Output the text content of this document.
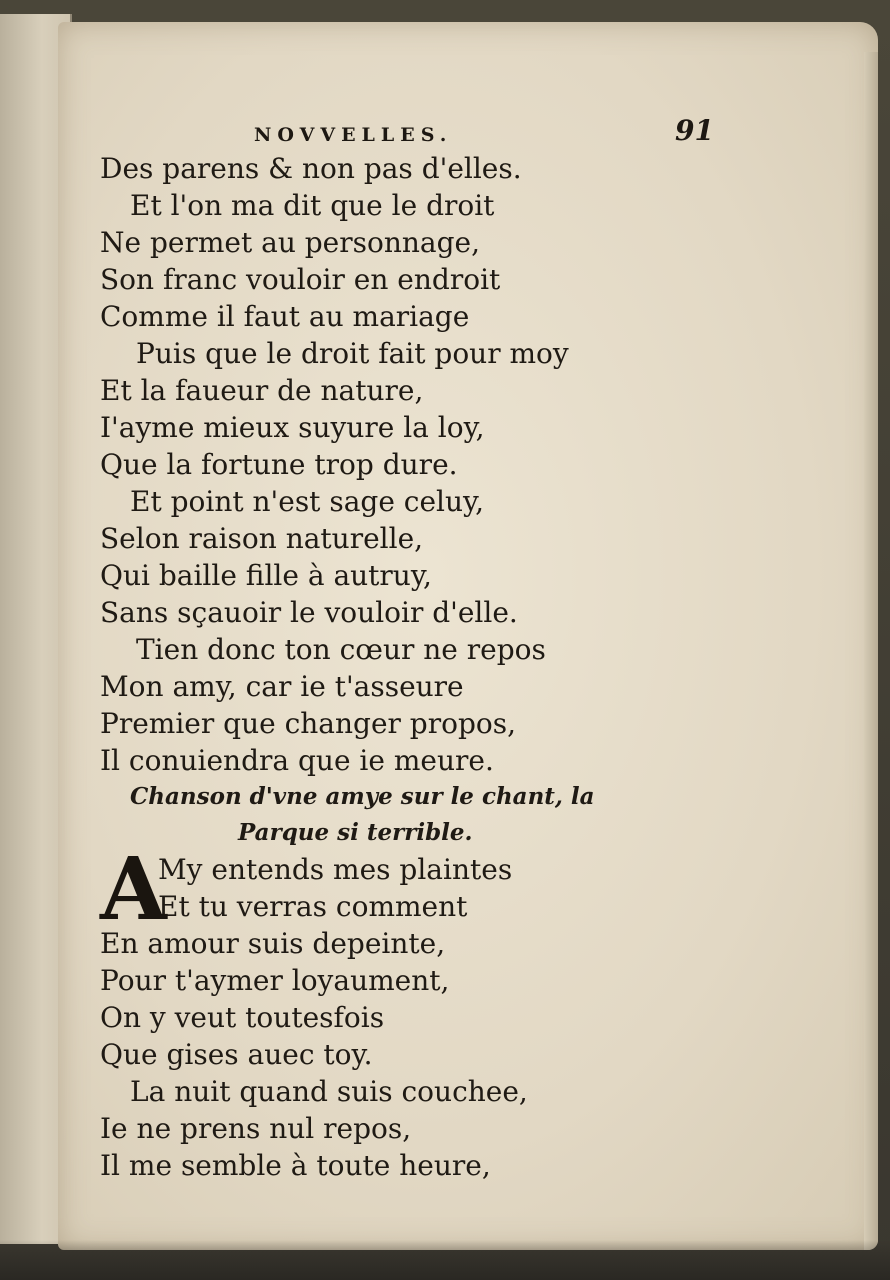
NOVVELLES.	91
Des parens & non pas d'elles.
Et l'on ma dit que le droit
Ne permet au personnage,
Son franc vouloir en endroit
Comme il faut au mariage
Puis que le droit fait pour moy
Et la faueur de nature,
I'ayme mieux suyure la loy,
Que la fortune trop dure.
Et point n'est sage celuy,
Selon raison naturelle,
Qui baille fille à autruy,
Sans sçauoir le vouloir d'elle.
Tien donc ton cœur ne repos
Mon amy, car ie t'asseure
Premier que changer propos,
Il conuiendra que ie meure.
Chanson d'vne amye sur le chant, la
Parque si terrible.
A
My entends mes plaintes
Et tu verras comment
En amour suis depeinte,
Pour t'aymer loyaument,
On y veut toutesfois
Que gises auec toy.
La nuit quand suis couchee,
Ie ne prens nul repos,
Il me semble à toute heure,
